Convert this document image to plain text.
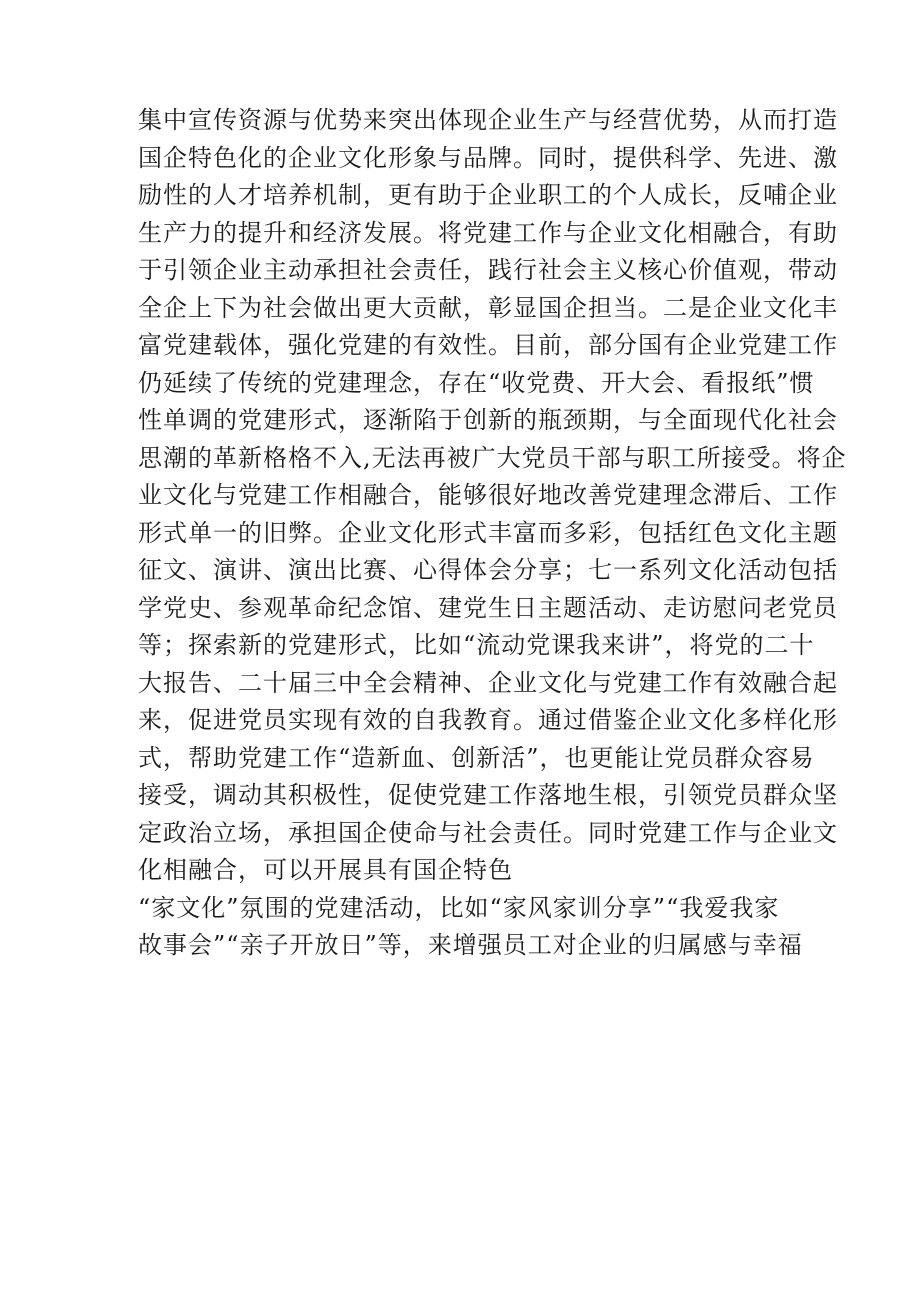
集中宣传资源与优势来突出体现企业生产与经营优势，从而打造
国企特色化的企业文化形象与品牌。同时，提供科学、先进、激
励性的人才培养机制，更有助于企业职工的个人成长，反哺企业
生产力的提升和经济发展。将党建工作与企业文化相融合，有助
于引领企业主动承担社会责任，践行社会主义核心价值观，带动
全企上下为社会做出更大贡献，彰显国企担当。二是企业文化丰
富党建载体，强化党建的有效性。目前，部分国有企业党建工作
仍延续了传统的党建理念，存在“收党费、开大会、看报纸”惯
性单调的党建形式，逐渐陷于创新的瓶颈期，与全面现代化社会
思潮的革新格格不入,无法再被广大党员干部与职工所接受。将企
业文化与党建工作相融合，能够很好地改善党建理念滞后、工作
形式单一的旧弊。企业文化形式丰富而多彩，包括红色文化主题
征文、演讲、演出比赛、心得体会分享；七一系列文化活动包括
学党史、参观革命纪念馆、建党生日主题活动、走访慰问老党员
等；探索新的党建形式，比如“流动党课我来讲”，将党的二十
大报告、二十届三中全会精神、企业文化与党建工作有效融合起
来，促进党员实现有效的自我教育。通过借鉴企业文化多样化形
式，帮助党建工作“造新血、创新活”，也更能让党员群众容易
接受，调动其积极性，促使党建工作落地生根，引领党员群众坚
定政治立场，承担国企使命与社会责任。同时党建工作与企业文
化相融合，可以开展具有国企特色
“家文化”氛围的党建活动，比如“家风家训分享”“我爱我家
故事会”“亲子开放日”等，来增强员工对企业的归属感与幸福
